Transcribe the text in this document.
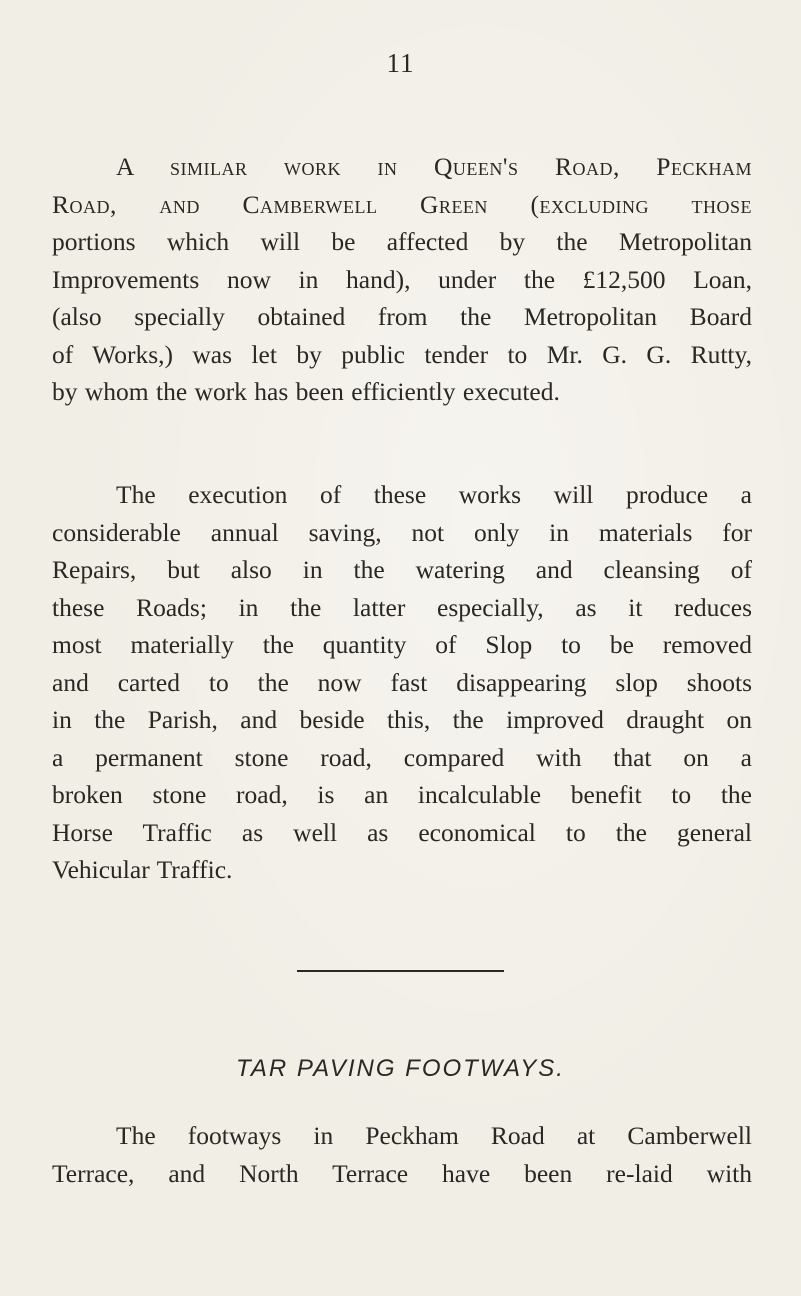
11
A similar work in Queen's Road, Peckham
Road, and Camberwell Green (excluding those
portions which will be affected by the Metropolitan
Improvements now in hand), under the £12,500 Loan,
(also specially obtained from the Metropolitan Board
of Works,) was let by public tender to Mr. G. G. Rutty,
by whom the work has been efficiently executed.
The execution of these works will produce a
considerable annual saving, not only in materials for
Repairs, but also in the watering and cleansing of
these Roads; in the latter especially, as it reduces
most materially the quantity of Slop to be removed
and carted to the now fast disappearing slop shoots
in the Parish, and beside this, the improved draught on
a permanent stone road, compared with that on a
broken stone road, is an incalculable benefit to the
Horse Traffic as well as economical to the general
Vehicular Traffic.
TAR PAVING FOOTWAYS.
The footways in Peckham Road at Camberwell
Terrace, and North Terrace have been re-laid with
